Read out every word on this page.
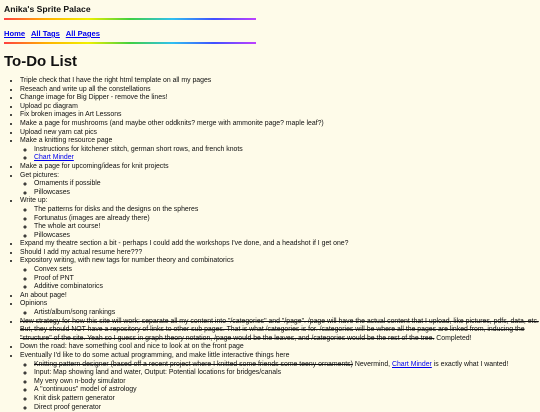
Anika's Sprite Palace
Home All Tags All Pages
To-Do List
• Triple check that I have the right html template on all my pages
• Reseach and write up all the constellations
• Change image for Big Dipper - remove the lines!
• Upload pc diagram
• Fix broken images in Art Lessons
• Make a page for mushrooms (and maybe other oddknits? merge with ammonite page? maple leaf?)
• Upload new yarn cat pics
• Make a knitting resource page
◦ Instructions for kitchener stitch, german short rows, and french knots
◦ Chart Minder
• Make a page for upcoming/ideas for knit projects
• Get pictures:
◦ Ornaments if possible
◦ Pillowcases
• Write up:
◦ The patterns for disks and the designs on the spheres
◦ Fortunatus (images are already there)
◦ The whole art course!
◦ Pillowcases
• Expand my theatre section a bit - perhaps I could add the workshops I've done, and a headshot if I get one?
• Should I add my actual resume here???
• Expository writing, with new tags for number theory and combinatorics
◦ Convex sets
◦ Proof of PNT
◦ Additive combinatorics
• An about page!
• Opinions
◦ Artist/album/song rankings
• New strategy for how this site will work: separate all my content into "/categories" and "/page". /page will have the actual content that I upload, like pictures, pdfs, data, etc. But, they should NOT have a repository of links to other sub pages. That is what /categories is for. /categories will be where all the pages are linked from, inducing the "structure" of the site. Yeah so I guess in graph theory notation, /page would be the leaves, and /categories would be the rest of the tree. Completed!
• Down the road: have something cool and nice to look at on the front page
• Eventually I'd like to do some actual programming, and make little interactive things here
◦ Knitting pattern designer (based off a recent project where I knitted some friends some teeny ornaments) Nevermind, Chart Minder is exactly what I wanted!
◦ Input: Map showing land and water, Output: Potential locations for bridges/canals
◦ My very own n-body simulator
◦ A "continuous" model of astrology
◦ Knit disk pattern generator
◦ Direct proof generator
